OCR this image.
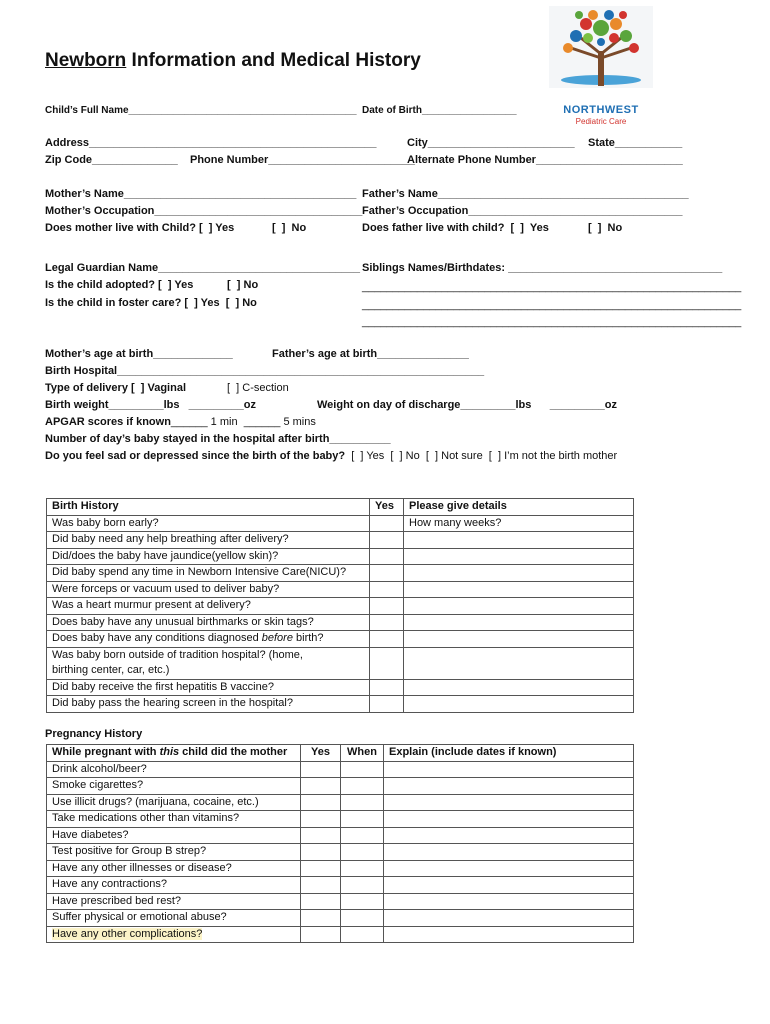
Newborn Information and Medical History
NORTHWEST
Pediatric Care
Child’s Full Name_________________________________________ Date of Birth_________________
Address_______________________________________________	City________________________ State___________
Zip Code______________ Phone Number________________________
Alternate Phone Number________________________
Mother’s Name______________________________________ Father’s Name_________________________________________
Mother’s Occupation__________________________________ Father’s Occupation___________________________________
Does mother live with Child? [  ] Yes	[  ]  No	Does father live with child?  [  ]  Yes	[  ]  No
Legal Guardian Name_________________________________ Siblings Names/Birthdates: ___________________________________
Is the child adopted? [  ] Yes	[  ] No
Is the child in foster care? [  ] Yes  [  ] No
______________________________________________________________
______________________________________________________________
______________________________________________________________
Mother’s age at birth_____________	Father’s age at birth_______________
Birth Hospital____________________________________________________________
Type of delivery [  ] Vaginal	[  ] C-section
Birth weight_________lbs   _________oz	Weight on day of discharge_________lbs      _________oz
APGAR scores if known______ 1 min  ______ 5 mins
Number of day’s baby stayed in the hospital after birth__________
Do you feel sad or depressed since the birth of the baby? [  ] Yes  [  ] No  [  ] Not sure  [  ] I’m not the birth mother
Birth History	Yes	Please give details
Was baby born early?		How many weeks?
Did baby need any help breathing after delivery?		
Did/does the baby have jaundice(yellow skin)?		
Did baby spend any time in Newborn Intensive Care(NICU)?		
Were forceps or vacuum used to deliver baby?		
Was a heart murmur present at delivery?		
Does baby have any unusual birthmarks or skin tags?		
Does baby have any conditions diagnosed before birth?		
Was baby born outside of tradition hospital? (home,
birthing center, car, etc.)		
Did baby receive the first hepatitis B vaccine?		
Did baby pass the hearing screen in the hospital?		
Pregnancy History
While pregnant with this child did the mother	Yes	When	Explain (include dates if known)
Drink alcohol/beer?			
Smoke cigarettes?			
Use illicit drugs? (marijuana, cocaine, etc.)			
Take medications other than vitamins?			
Have diabetes?			
Test positive for Group B strep?			
Have any other illnesses or disease?			
Have any contractions?			
Have prescribed bed rest?			
Suffer physical or emotional abuse?			
Have any other complications?			
